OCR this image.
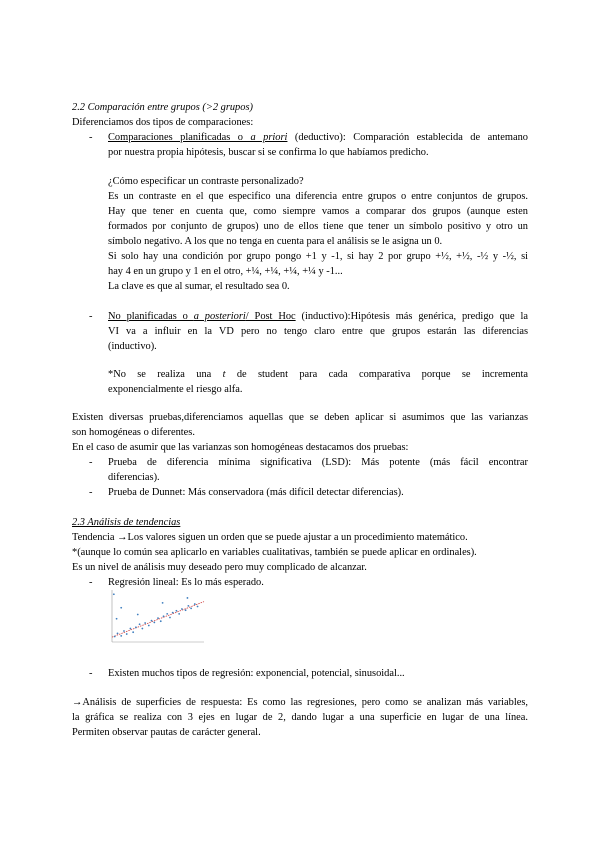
2.2 Comparación entre grupos (>2 grupos)
Diferenciamos dos tipos de comparaciones:
-	Comparaciones planificadas o a priori (deductivo): Comparación establecida de antemano
por nuestra propia hipótesis, buscar si se confirma lo que habíamos predicho.
¿Cómo especificar un contraste personalizado?
Es un contraste en el que especifico una diferencia entre grupos o entre conjuntos de grupos.
Hay que tener en cuenta que, como siempre vamos a comparar dos grupos (aunque esten
formados por conjunto de grupos) uno de ellos tiene que tener un símbolo positivo y otro un
símbolo negativo. A los que no tenga en cuenta para el análisis se le asigna un 0.
Si solo hay una condición por grupo pongo +1 y -1, si hay 2 por grupo +½, +½, -½ y -½, si
hay 4 en un grupo y 1 en el otro, +¼, +¼, +¼, +¼ y -1...
La clave es que al sumar, el resultado sea 0.
-	No planificadas o a posteriori/ Post Hoc (inductivo):Hipótesis más genérica, predigo que la
VI va a influir en la VD pero no tengo claro entre que grupos estarán las diferencias
(inductivo).
*No se realiza una t de student para cada comparativa porque se incrementa
exponencialmente el riesgo alfa.
Existen diversas pruebas,diferenciamos aquellas que se deben aplicar si asumimos que las varianzas
son homogéneas o diferentes.
En el caso de asumir que las varianzas son homogéneas destacamos dos pruebas:
-	Prueba de diferencia mínima significativa (LSD): Más potente (más fácil encontrar
diferencias).
-	Prueba de Dunnet: Más conservadora (más difícil detectar diferencias).
2.3 Análisis de tendencias
Tendencia →Los valores siguen un orden que se puede ajustar a un procedimiento matemático.
*(aunque lo común sea aplicarlo en variables cualitativas, también se puede aplicar en ordinales).
Es un nivel de análisis muy deseado pero muy complicado de alcanzar.
-	Regresión lineal: Es lo más esperado.
-	Existen muchos tipos de regresión: exponencial, potencial, sinusoidal...
→Análisis de superficies de respuesta: Es como las regresiones, pero como se analizan más variables,
la gráfica se realiza con 3 ejes en lugar de 2, dando lugar a una superficie en lugar de una línea.
Permiten observar pautas de carácter general.
